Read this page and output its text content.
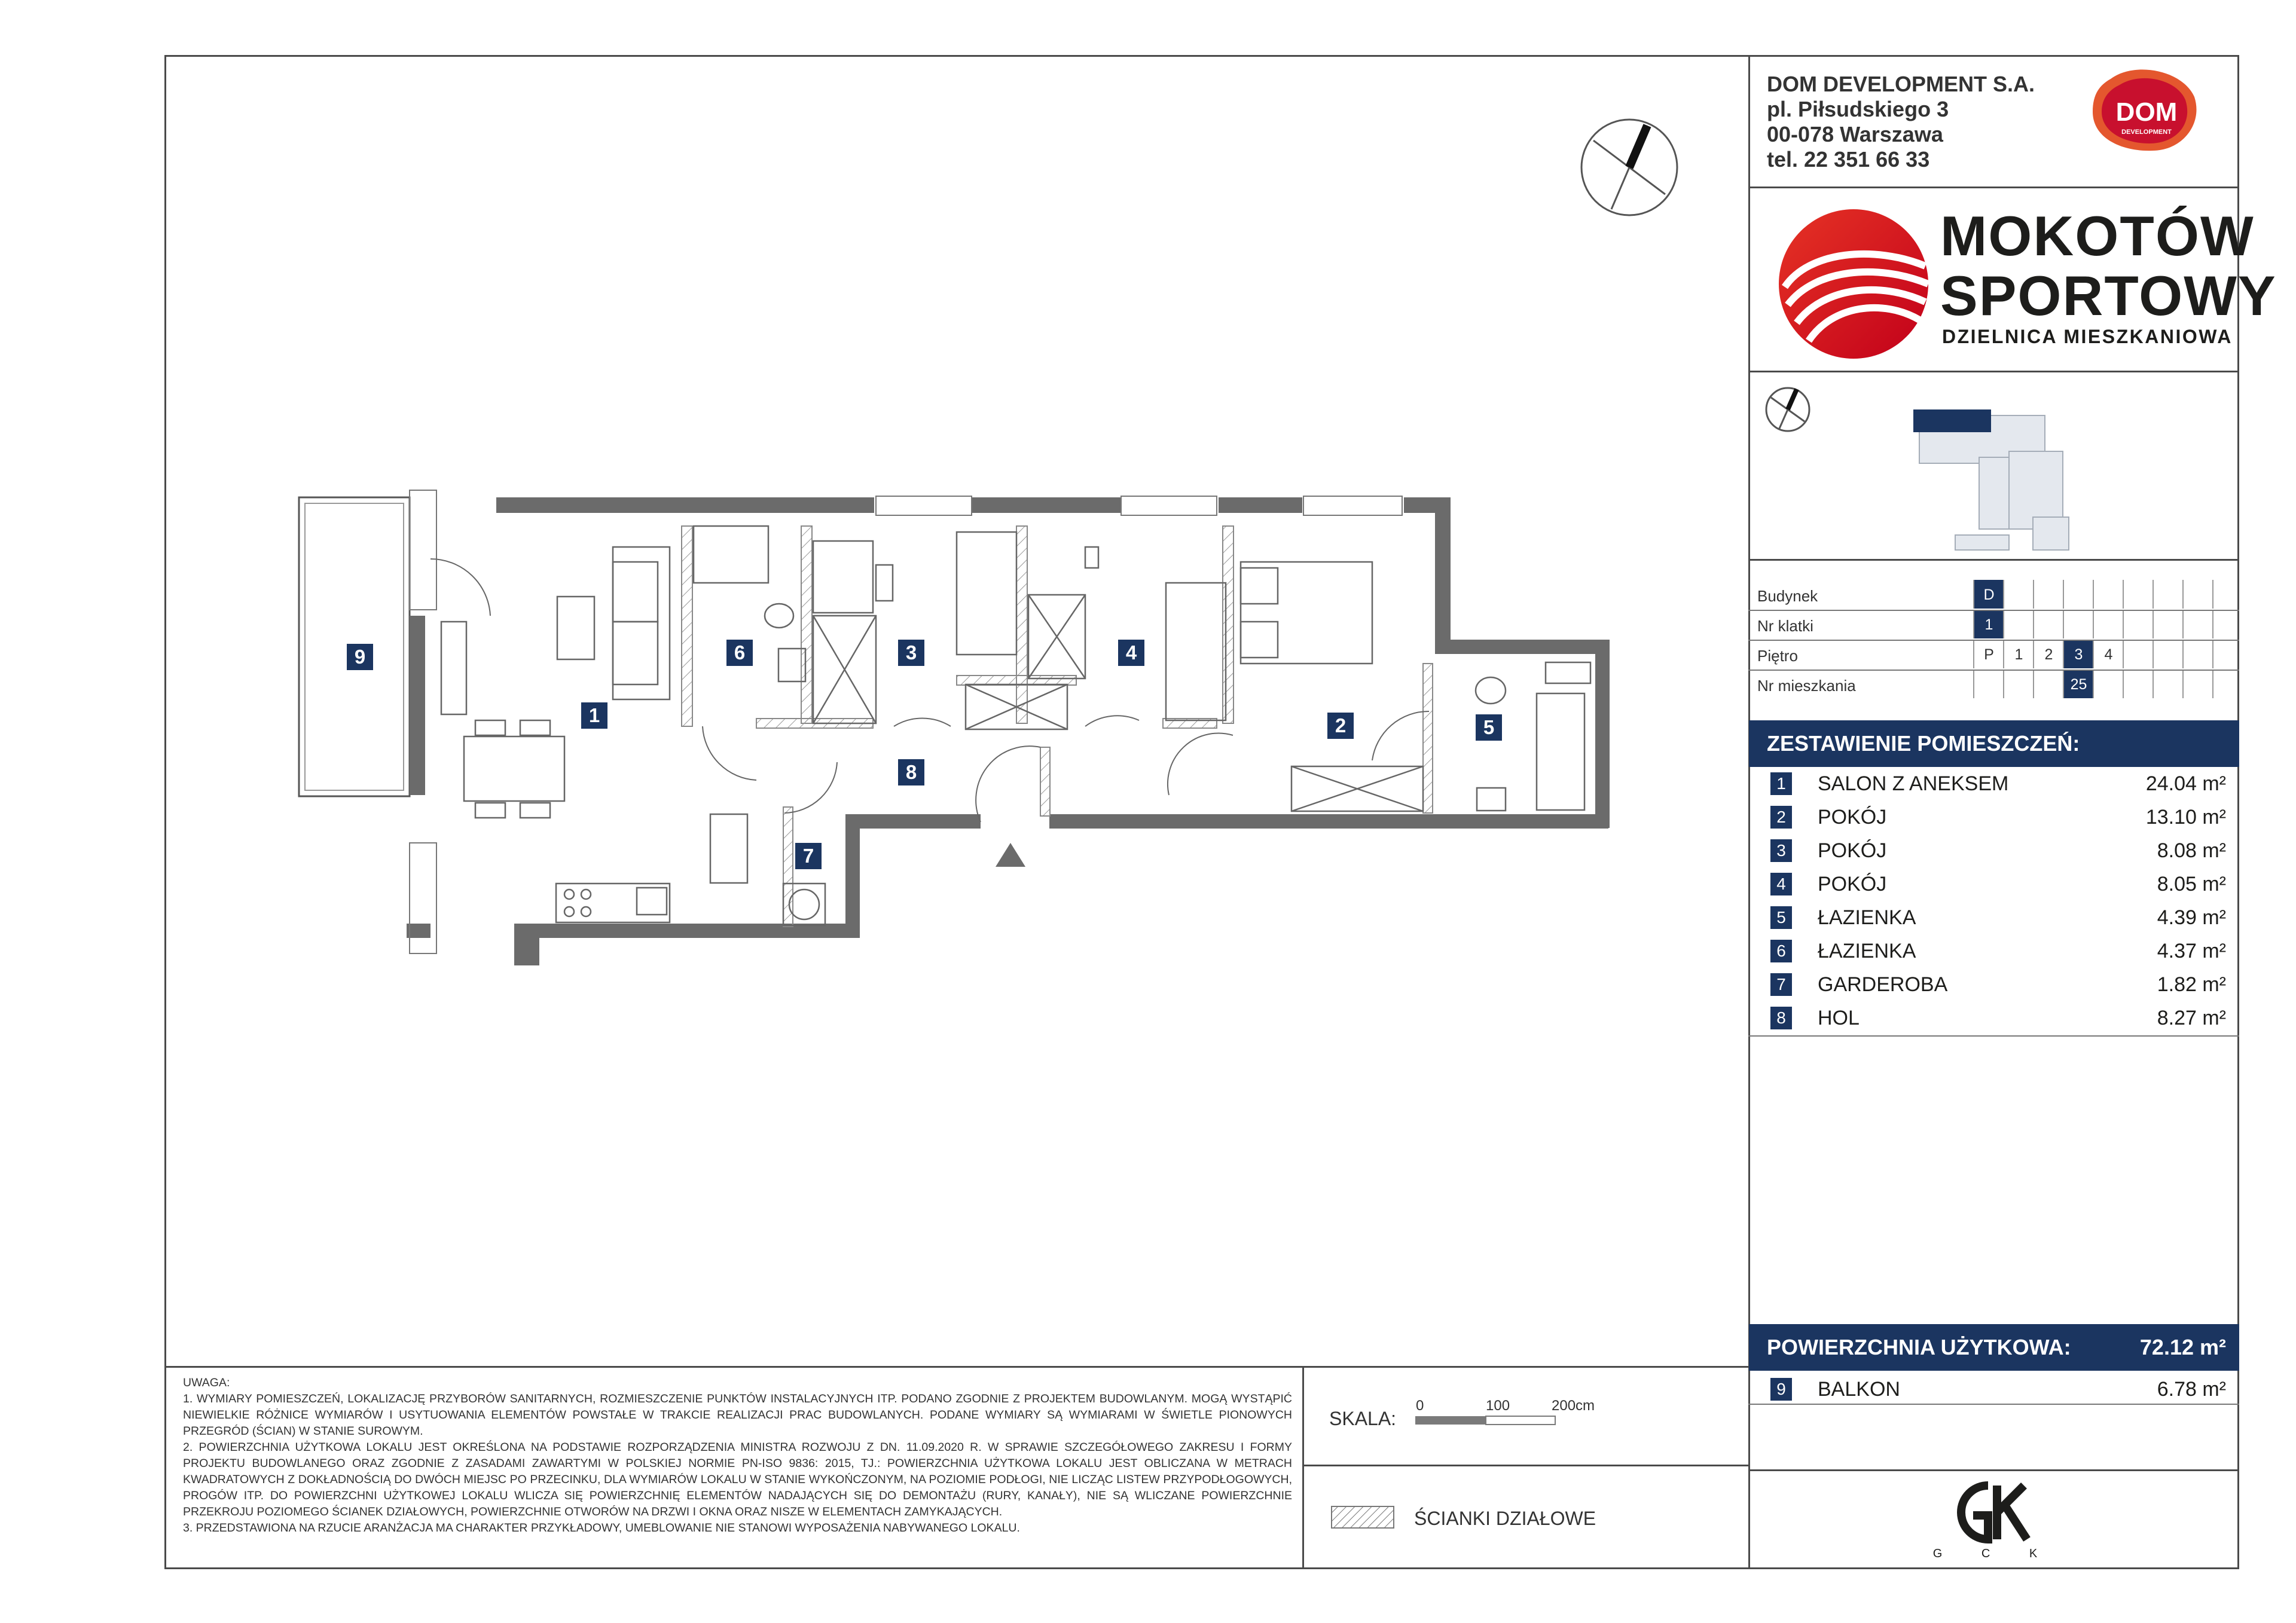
DOM DEVELOPMENT S.A.
pl. Piłsudskiego 3
00-078 Warszawa
tel. 22 351 66 33
DOM
DEVELOPMENT
MOKOTÓW
SPORTOWY
DZIELNICA MIESZKANIOWA
Budynek	D
Nr klatki	1
Piętro	P	1	2	3	4
Nr mieszkania	25
ZESTAWIENIE POMIESZCZEŃ:
1	SALON Z ANEKSEM	24.04 m²
2	POKÓJ	13.10 m²
3	POKÓJ	8.08 m²
4	POKÓJ	8.05 m²
5	ŁAZIENKA	4.39 m²
6	ŁAZIENKA	4.37 m²
7	GARDEROBA	1.82 m²
8	HOL	8.27 m²
POWIERZCHNIA UŻYTKOWA:	72.12 m²
9	BALKON	6.78 m²

UWAGA:

1. WYMIARY POMIESZCZEŃ, LOKALIZACJĘ PRZYBORÓW SANITARNYCH, ROZMIESZCZENIE PUNKTÓW INSTALACYJNYCH ITP. PODANO ZGODNIE Z PROJEKTEM BUDOWLANYM. MOGĄ WYSTĄPIĆ NIEWIELKIE RÓŻNICE WYMIARÓW I USYTUOWANIA ELEMENTÓW POWSTAŁE W TRAKCIE REALIZACJI PRAC BUDOWLANYCH. PODANE WYMIARY SĄ WYMIARAMI W ŚWIETLE PIONOWYCH PRZEGRÓD (ŚCIAN) W STANIE SUROWYM.

2. POWIERZCHNIA UŻYTKOWA LOKALU JEST OKREŚLONA NA PODSTAWIE ROZPORZĄDZENIA MINISTRA ROZWOJU Z DN. 11.09.2020 R. W SPRAWIE SZCZEGÓŁOWEGO ZAKRESU I FORMY PROJEKTU BUDOWLANEGO ORAZ ZGODNIE Z ZASADAMI ZAWARTYMI W POLSKIEJ NORMIE PN-ISO 9836: 2015, TJ.: POWIERZCHNIA UŻYTKOWA LOKALU JEST OBLICZANA W METRACH KWADRATOWYCH Z DOKŁADNOŚCIĄ DO DWÓCH MIEJSC PO PRZECINKU, DLA WYMIARÓW LOKALU W STANIE WYKOŃCZONYM, NA POZIOMIE PODŁOGI, NIE LICZĄC LISTEW PRZYPODŁOGOWYCH, PROGÓW ITP. DO POWIERZCHNI UŻYTKOWEJ LOKALU WLICZA SIĘ POWIERZCHNIĘ ELEMENTÓW NADAJĄCYCH SIĘ DO DEMONTAŻU (RURY, KANAŁY), NIE SĄ WLICZANE POWIERZCHNIE PRZEKROJU POZIOMEGO ŚCIANEK DZIAŁOWYCH, POWIERZCHNIE OTWORÓW NA DRZWI I OKNA ORAZ NISZE W ELEMENTACH ZAMYKAJĄCYCH.

3. PRZEDSTAWIONA NA RZUCIE ARANŻACJA MA CHARAKTER PRZYKŁADOWY, UMEBLOWANIE NIE STANOWI WYPOSAŻENIA NABYWANEGO LOKALU.

SKALA:
0	100	200cm
ŚCIANKI DZIAŁOWE
G C K
9
1	2
3	4
5
6
7
8
